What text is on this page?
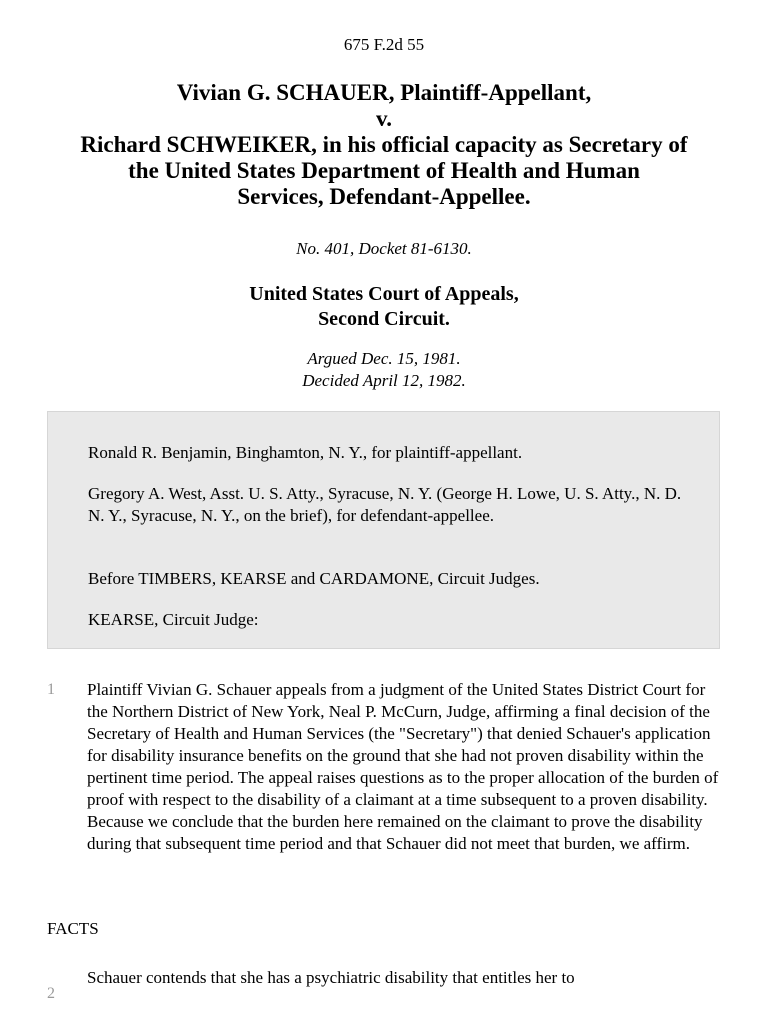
675 F.2d 55
Vivian G. SCHAUER, Plaintiff-Appellant,
v.
Richard SCHWEIKER, in his official capacity as Secretary of
the United States Department of Health and Human
Services, Defendant-Appellee.
No. 401, Docket 81-6130.
United States Court of Appeals,
Second Circuit.
Argued Dec. 15, 1981.
Decided April 12, 1982.

Ronald R. Benjamin, Binghamton, N. Y., for plaintiff-appellant.

Gregory A. West, Asst. U. S. Atty., Syracuse, N. Y. (George H. Lowe, U. S. Atty., N. D. N. Y., Syracuse, N. Y., on the brief), for defendant-appellee.

Before TIMBERS, KEARSE and CARDAMONE, Circuit Judges.

KEARSE, Circuit Judge:

1 Plaintiff Vivian G. Schauer appeals from a judgment of the United States District Court for the Northern District of New York, Neal P. McCurn, Judge, affirming a final decision of the Secretary of Health and Human Services (the "Secretary") that denied Schauer's application for disability insurance benefits on the ground that she had not proven disability within the pertinent time period. The appeal raises questions as to the proper allocation of the burden of proof with respect to the disability of a claimant at a time subsequent to a proven disability. Because we conclude that the burden here remained on the claimant to prove the disability during that subsequent time period and that Schauer did not meet that burden, we affirm.

FACTS
2

Schauer contends that she has a psychiatric disability that entitles her to
